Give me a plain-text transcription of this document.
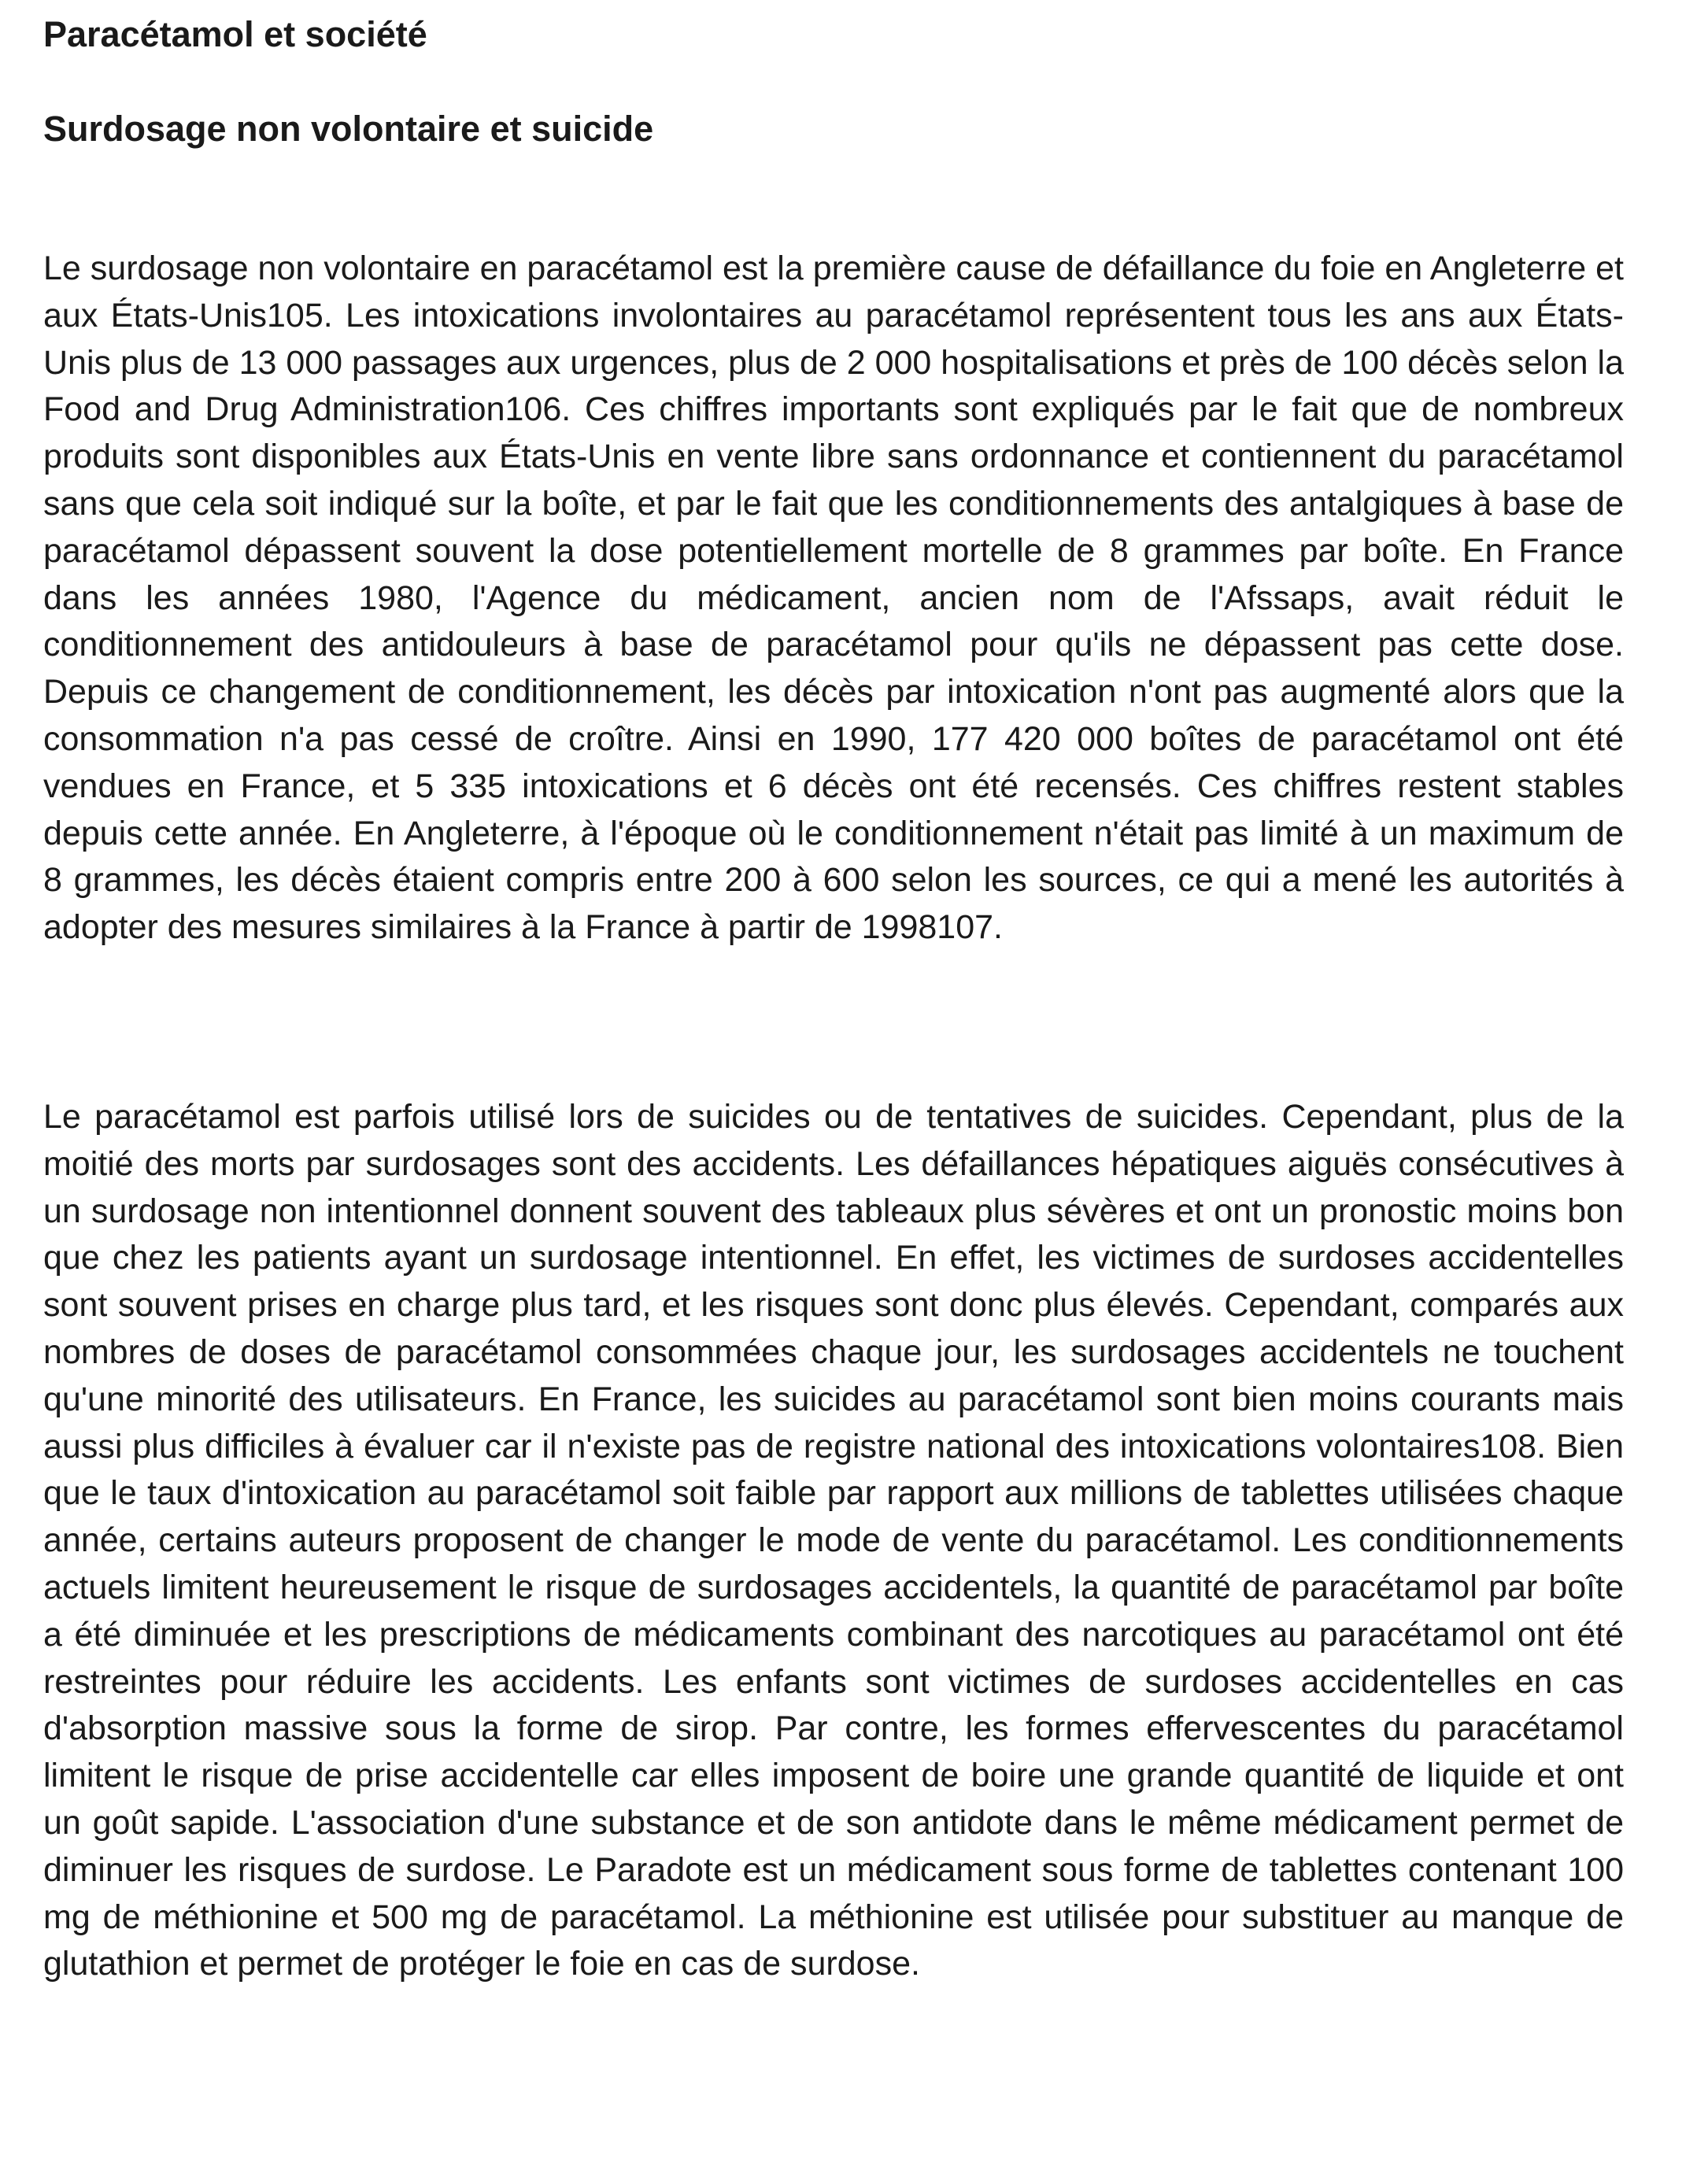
Paracétamol et société
Surdosage non volontaire et suicide

Le surdosage non volontaire en paracétamol est la première cause de défaillance du foie en Angleterre et aux États-Unis105. Les intoxications involontaires au paracétamol représentent tous les ans aux États-Unis plus de 13 000 passages aux urgences, plus de 2 000 hospitalisations et près de 100 décès selon la Food and Drug Administration106. Ces chiffres importants sont expliqués par le fait que de nombreux produits sont disponibles aux États-Unis en vente libre sans ordonnance et contiennent du paracétamol sans que cela soit indiqué sur la boîte, et par le fait que les conditionnements des antalgiques à base de paracétamol dépassent souvent la dose potentiellement mortelle de 8 grammes par boîte. En France dans les années 1980, l'Agence du médicament, ancien nom de l'Afssaps, avait réduit le conditionnement des antidouleurs à base de paracétamol pour qu'ils ne dépassent pas cette dose. Depuis ce changement de conditionnement, les décès par intoxication n'ont pas augmenté alors que la consommation n'a pas cessé de croître. Ainsi en 1990, 177 420 000 boîtes de paracétamol ont été vendues en France, et 5 335 intoxications et 6 décès ont été recensés. Ces chiffres restent stables depuis cette année. En Angleterre, à l'époque où le conditionnement n'était pas limité à un maximum de 8 grammes, les décès étaient compris entre 200 à 600 selon les sources, ce qui a mené les autorités à adopter des mesures similaires à la France à partir de 1998107.

Le paracétamol est parfois utilisé lors de suicides ou de tentatives de suicides. Cependant, plus de la moitié des morts par surdosages sont des accidents. Les défaillances hépatiques aiguës consécutives à un surdosage non intentionnel donnent souvent des tableaux plus sévères et ont un pronostic moins bon que chez les patients ayant un surdosage intentionnel. En effet, les victimes de surdoses accidentelles sont souvent prises en charge plus tard, et les risques sont donc plus élevés. Cependant, comparés aux nombres de doses de paracétamol consommées chaque jour, les surdosages accidentels ne touchent qu'une minorité des utilisateurs. En France, les suicides au paracétamol sont bien moins courants mais aussi plus difficiles à évaluer car il n'existe pas de registre national des intoxications volontaires108. Bien que le taux d'intoxication au paracétamol soit faible par rapport aux millions de tablettes utilisées chaque année, certains auteurs proposent de changer le mode de vente du paracétamol. Les conditionnements actuels limitent heureusement le risque de surdosages accidentels, la quantité de paracétamol par boîte a été diminuée et les prescriptions de médicaments combinant des narcotiques au paracétamol ont été restreintes pour réduire les accidents. Les enfants sont victimes de surdoses accidentelles en cas d'absorption massive sous la forme de sirop. Par contre, les formes effervescentes du paracétamol limitent le risque de prise accidentelle car elles imposent de boire une grande quantité de liquide et ont un goût sapide. L'association d'une substance et de son antidote dans le même médicament permet de diminuer les risques de surdose. Le Paradote est un médicament sous forme de tablettes contenant 100 mg de méthionine et 500 mg de paracétamol. La méthionine est utilisée pour substituer au manque de glutathion et permet de protéger le foie en cas de surdose.
